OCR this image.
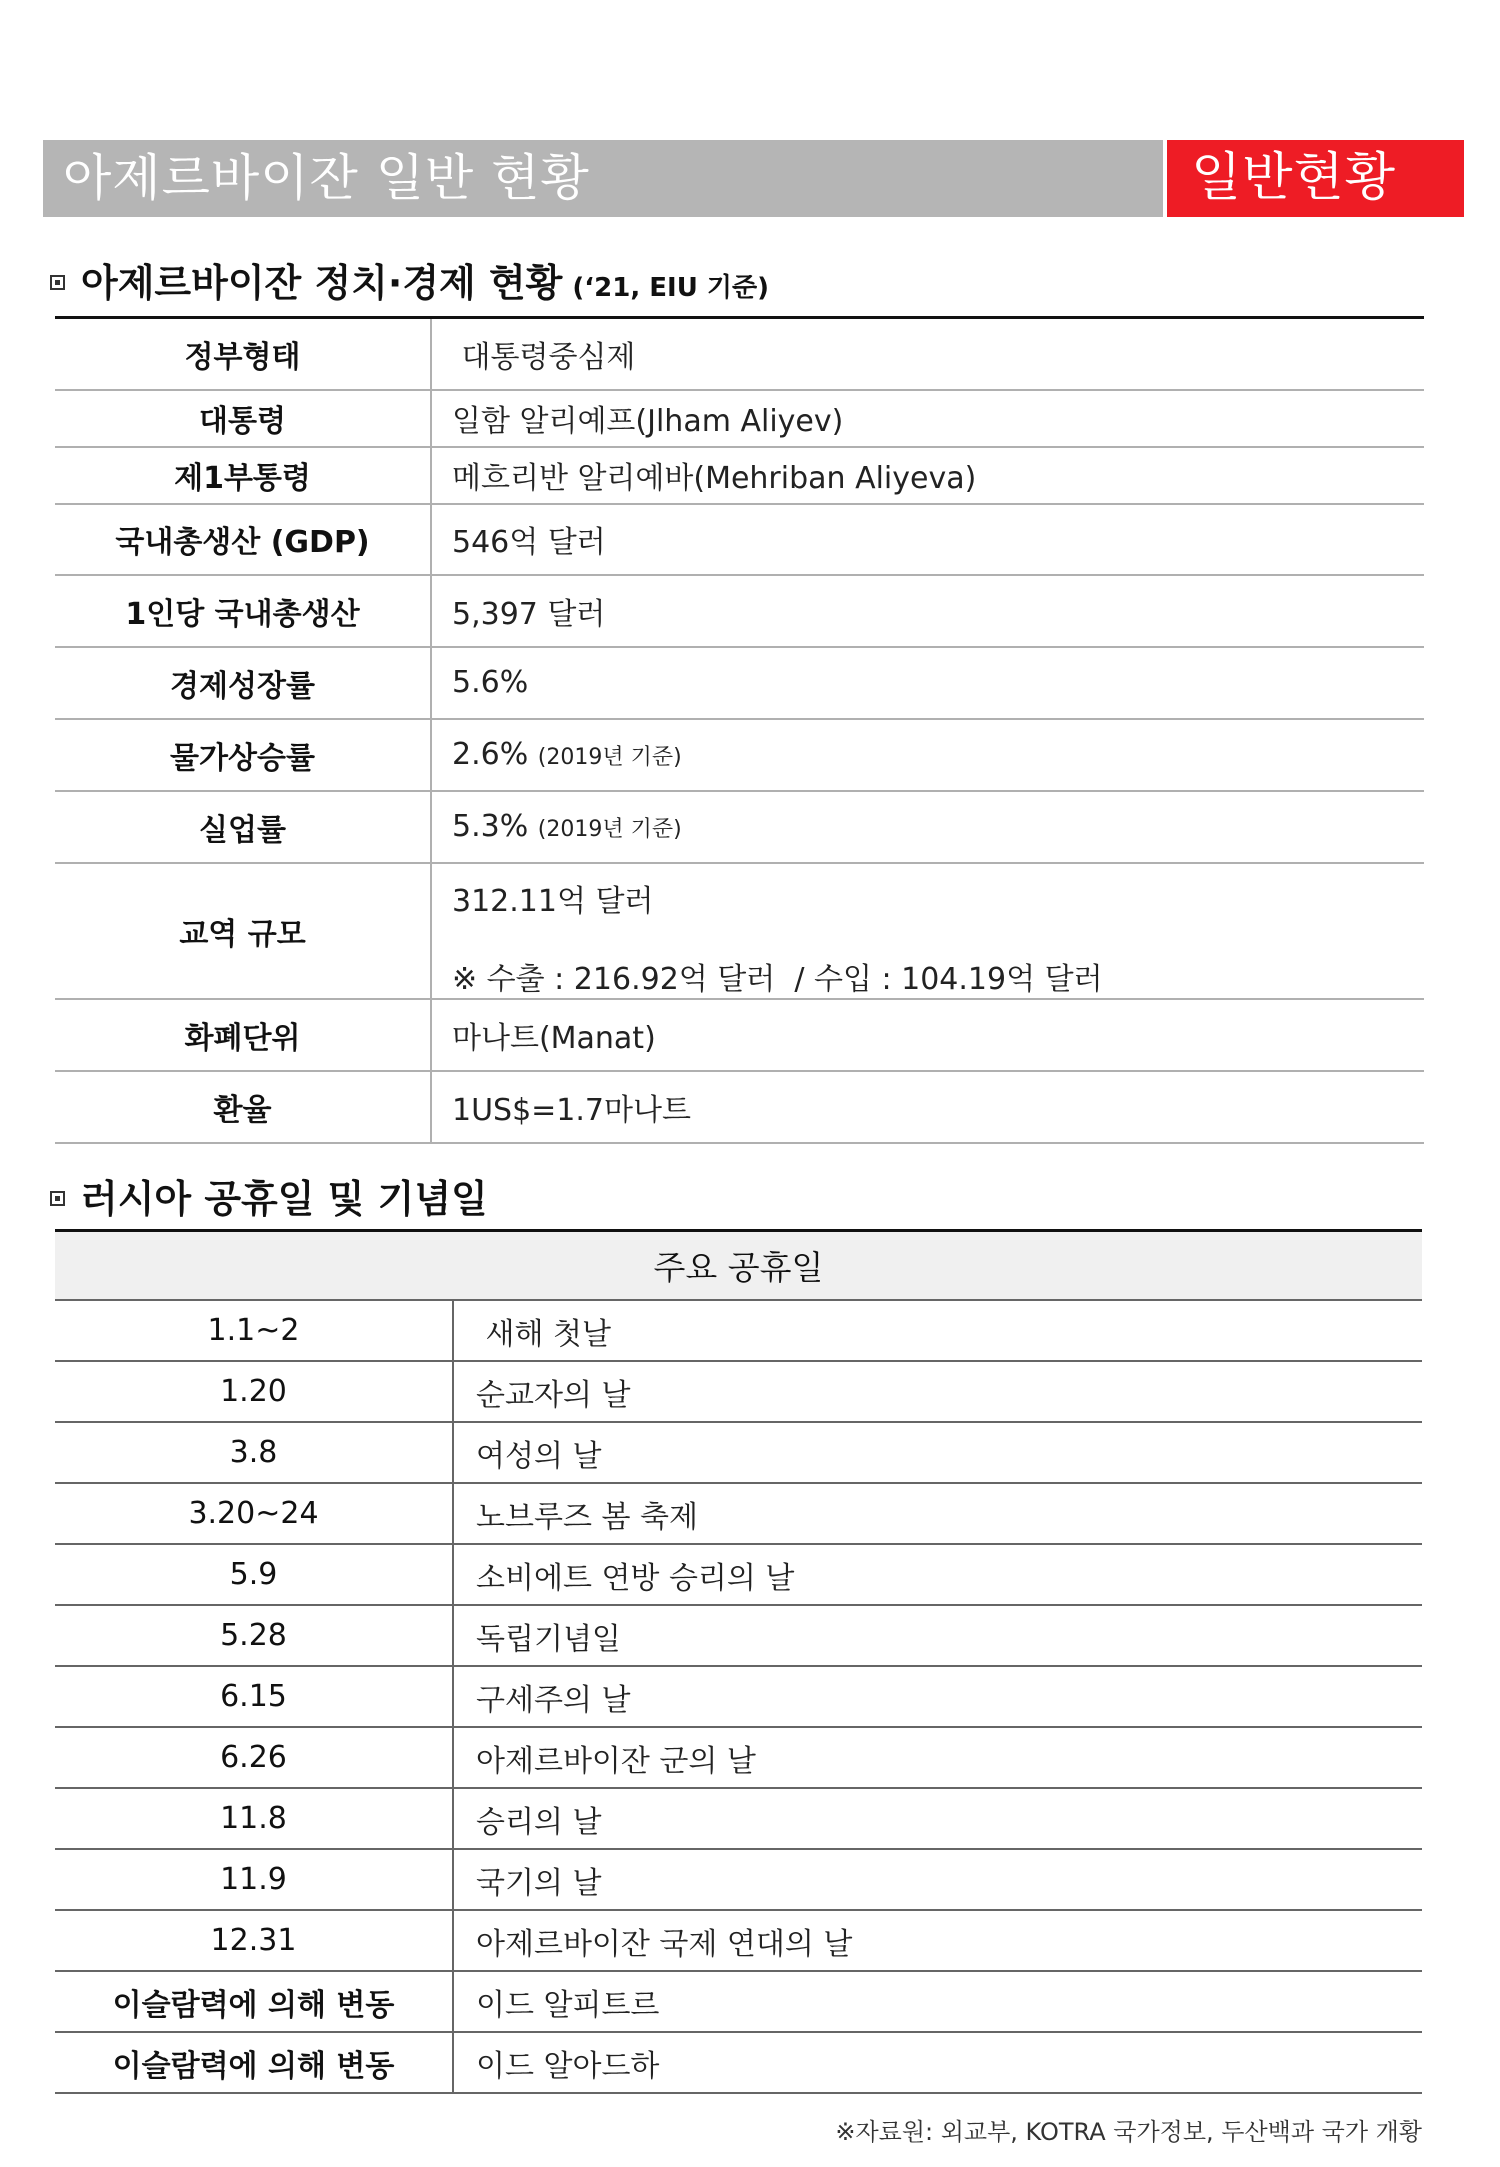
아제르바이잔 일반 현황	일반현황
아제르바이잔 정치·경제 현황 (‘21, EIU 기준)
정부형태	대통령중심제
대통령	일함 알리예프(Jlham Aliyev)
제1부통령	메흐리반 알리예바(Mehriban Aliyeva)
국내총생산 (GDP)	546억 달러
1인당 국내총생산	5,397 달러
경제성장률	5.6%
물가상승률	2.6% (2019년 기준)
실업률	5.3% (2019년 기준)
교역 규모	312.11억 달러
※ 수출 : 216.92억 달러  / 수입 : 104.19억 달러

화폐단위	마나트(Manat)
환율	1US$=1.7마나트
러시아 공휴일 및 기념일
주요 공휴일	
1.1~2	새해 첫날
1.20	순교자의 날
3.8	여성의 날
3.20~24	노브루즈 봄 축제
5.9	소비에트 연방 승리의 날
5.28	독립기념일
6.15	구세주의 날
6.26	아제르바이잔 군의 날
11.8	승리의 날
11.9	국기의 날
12.31	아제르바이잔 국제 연대의 날
이슬람력에 의해 변동	이드 알피트르
이슬람력에 의해 변동	이드 알아드하
※자료원: 외교부, KOTRA 국가정보, 두산백과 국가 개황
